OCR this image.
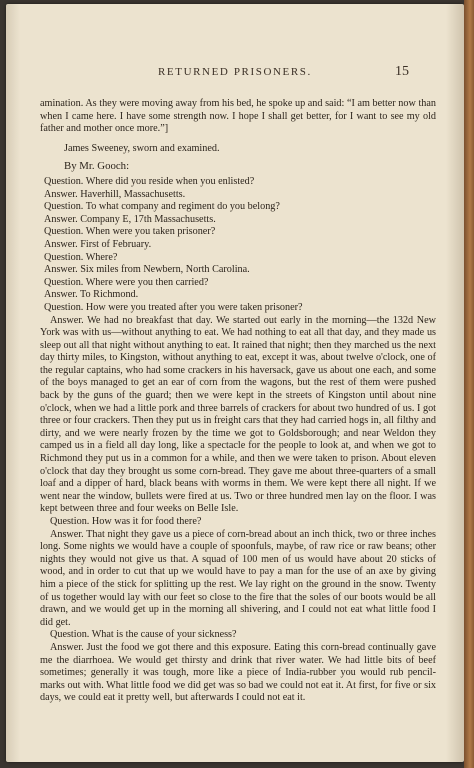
RETURNED PRISONERS.	15

amination. As they were moving away from his bed, he spoke up and said: “I am better now than when I came here. I have some strength now. I hope I shall get better, for I want to see my old father and mother once more.”]

James Sweeney, sworn and examined.

By Mr. Gooch:

Question. Where did you reside when you enlisted?

Answer. Haverhill, Massachusetts.

Question. To what company and regiment do you belong?

Answer. Company E, 17th Massachusetts.

Question. When were you taken prisoner?

Answer. First of February.

Question. Where?

Answer. Six miles from Newbern, North Carolina.

Question. Where were you then carried?

Answer. To Richmond.

Question. How were you treated after you were taken prisoner?

Answer. We had no breakfast that day. We started out early in the morning—the 132d New York was with us—without anything to eat. We had nothing to eat all that day, and they made us sleep out all that night without anything to eat. It rained that night; then they marched us the next day thirty miles, to Kingston, without anything to eat, except it was, about twelve o'clock, one of the regular captains, who had some crackers in his haversack, gave us about one each, and some of the boys managed to get an ear of corn from the wagons, but the rest of them were pushed back by the guns of the guard; then we were kept in the streets of Kingston until about nine o'clock, when we had a little pork and three barrels of crackers for about two hundred of us. I got three or four crackers. Then they put us in freight cars that they had carried hogs in, all filthy and dirty, and we were nearly frozen by the time we got to Goldsborough; and near Weldon they camped us in a field all day long, like a spectacle for the people to look at, and when we got to Richmond they put us in a common for a while, and then we were taken to prison. About eleven o'clock that day they brought us some corn-bread. They gave me about three-quarters of a small loaf and a dipper of hard, black beans with worms in them. We were kept there all night. If we went near the window, bullets were fired at us. Two or three hundred men lay on the floor. I was kept between three and four weeks on Belle Isle.

Question. How was it for food there?

Answer. That night they gave us a piece of corn-bread about an inch thick, two or three inches long. Some nights we would have a couple of spoonfuls, maybe, of raw rice or raw beans; other nights they would not give us that. A squad of 100 men of us would have about 20 sticks of wood, and in order to cut that up we would have to pay a man for the use of an axe by giving him a piece of the stick for splitting up the rest. We lay right on the ground in the snow. Twenty of us together would lay with our feet so close to the fire that the soles of our boots would be all drawn, and we would get up in the morning all shivering, and I could not eat what little food I did get.

Question. What is the cause of your sickness?

Answer. Just the food we got there and this exposure. Eating this corn-bread continually gave me the diarrhoea. We would get thirsty and drink that river water. We had little bits of beef sometimes; generally it was tough, more like a piece of India-rubber you would rub pencil-marks out with. What little food we did get was so bad we could not eat it. At first, for five or six days, we could eat it pretty well, but afterwards I could not eat it.
